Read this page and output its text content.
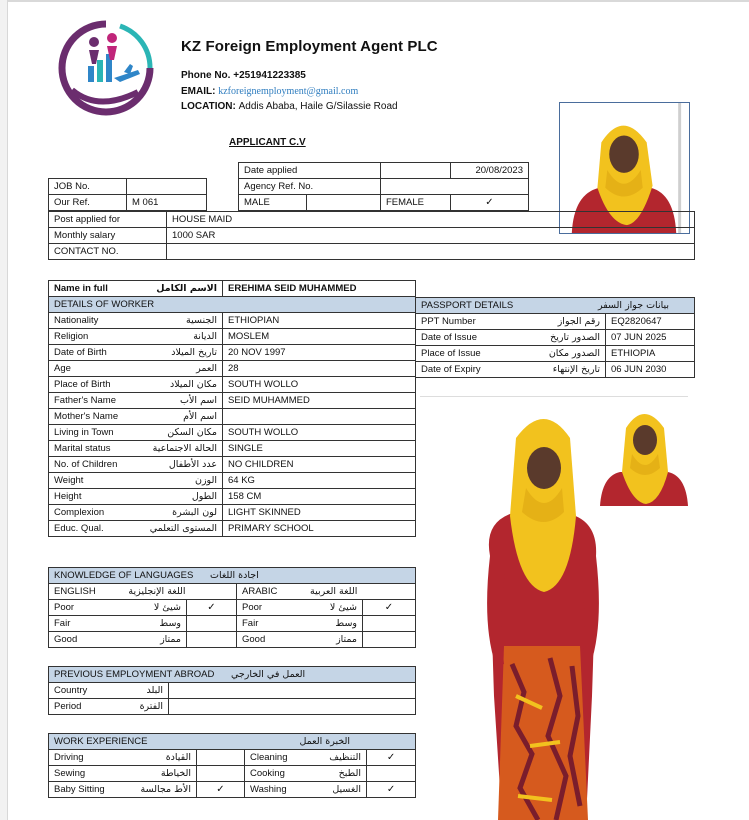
KZ Foreign Employment Agent PLC
Phone No. +251941223385
EMAIL: kzforeignemployment@gmail.com
LOCATION: Addis Ababa, Haile G/Silassie Road
APPLICANT C.V
Date applied		20/08/2023
Agency Ref. No.		
JOB No.	
Our Ref.	M 061	MALE		FEMALE	✓
Post applied for	HOUSE MAID
Monthly salary	1000 SAR
CONTACT NO.	
Name in full الاسم الكامل	EREHIMA SEID MUHAMMED
DETAILS OF WORKER	
Nationality الجنسية	ETHIOPIAN
Religion الديانة	MOSLEM
Date of Birth تاريخ الميلاد	20 NOV 1997
Age العمر	28
Place of Birth مكان الميلاد	SOUTH WOLLO
Father's Name اسم الأب	SEID MUHAMMED
Mother's Name اسم الأم	

Living in Town مكان السكن	SOUTH WOLLO
Marital status الحالة الاجتماعية	SINGLE
No. of Children عدد الأطفال	NO CHILDREN
Weight الوزن	64 KG
Height الطول	158 CM
Complexion لون البشرة	LIGHT SKINNED
Educ. Qual. المستوى التعلمي	PRIMARY SCHOOL
PASSPORT DETAILS بيانات جواز السفر	

PPT Number رقم الجواز	EQ2820647
Date of Issue الصدور تاريخ	07 JUN 2025
Place of Issue الصدور مكان	ETHIOPIA
Date of Expiry تاريخ الإنتهاء	06 JUN 2030
KNOWLEDGE OF LANGUAGES اجادة اللغات			
ENGLISH اللغة الإنجليزية		ARABIC اللغة العربية	
Poor شيئ لا	✓	Poor شيئ لا	✓
Fair وسط		Fair وسط	

Good ممتاز		Good ممتاز	

PREVIOUS EMPLOYMENT ABROAD العمل في الخارجي	
Country البلد	

Period الفترة	

WORK EXPERIENCE الخبرة العمل			

Driving القيادة		Cleaning التنظيف	✓
Sewing الخياطة		Cooking الطبخ	

Baby Sitting الأط مجالسة	✓	Washing الغسيل	✓
